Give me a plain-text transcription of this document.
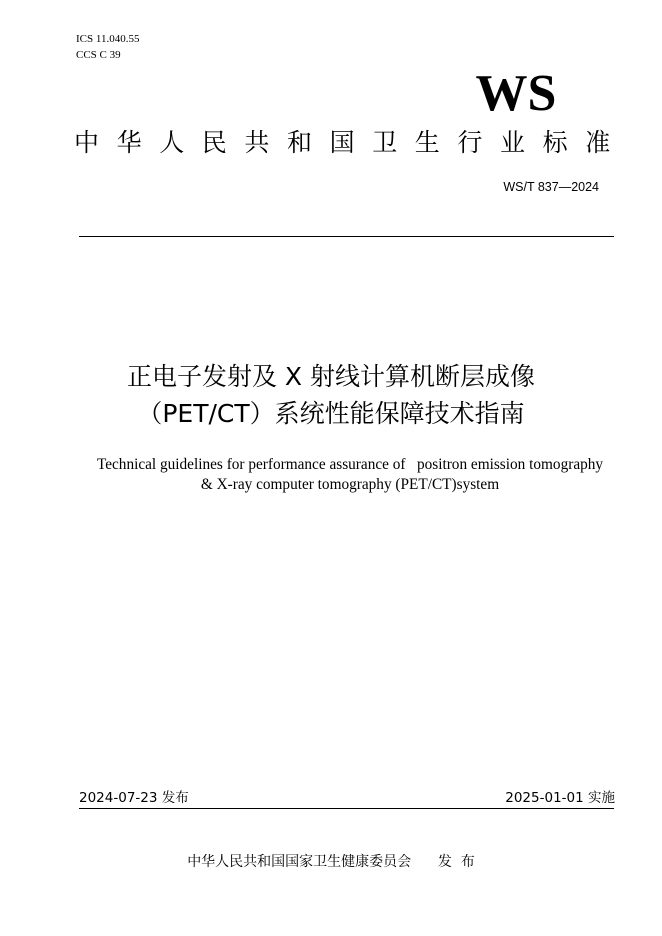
ICS 11.040.55
CCS C 39
WS
中华人民共和国卫生行业标准
WS/T 837—2024
正电子发射及 X 射线计算机断层成像
（PET/CT）系统性能保障技术指南
Technical guidelines for performance assurance of   positron emission tomography
& X-ray computer tomography (PET/CT)system
2024-07-23 发布	2025-01-01 实施
中华人民共和国国家卫生健康委员会      发  布
